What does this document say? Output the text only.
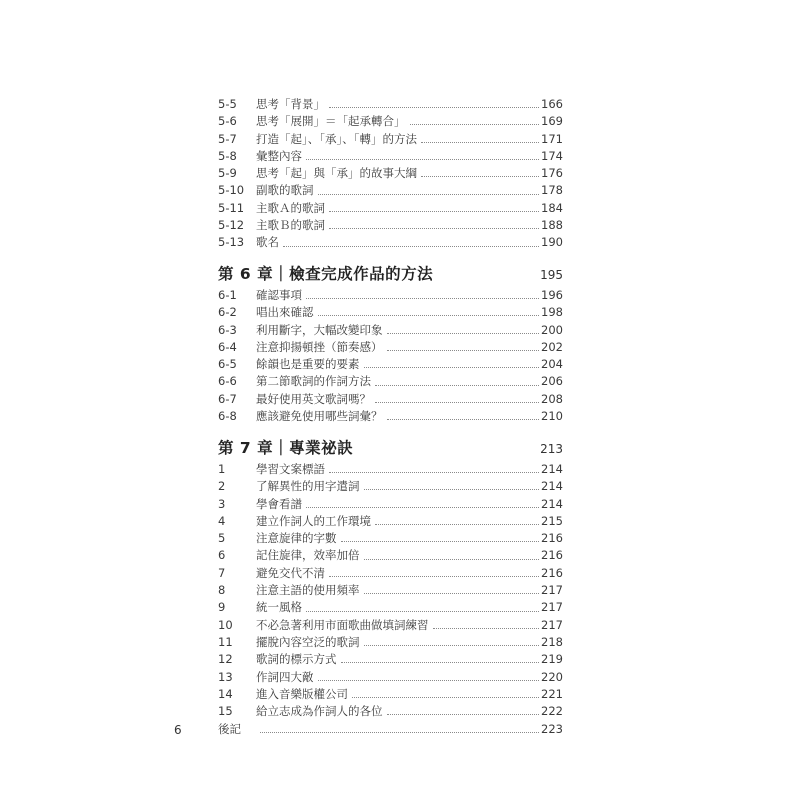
5-5	思考「背景」	166
5-6	思考「展開」＝「起承轉合」	169
5-7	打造「起」、「承」、「轉」的方法	171
5-8	彙整內容	174
5-9	思考「起」與「承」的故事大綱	176
5-10	副歌的歌詞	178
5-11	主歌Ａ的歌詞	184
5-12	主歌Ｂ的歌詞	188
5-13	歌名	190
第 6 章｜檢查完成作品的方法	195
6-1	確認事項	196
6-2	唱出來確認	198
6-3	利用斷字，大幅改變印象	200
6-4	注意抑揚頓挫（節奏感）	202
6-5	餘韻也是重要的要素	204
6-6	第二節歌詞的作詞方法	206
6-7	最好使用英文歌詞嗎？	208
6-8	應該避免使用哪些詞彙？	210
第 7 章｜專業祕訣	213
1	學習文案標語	214
2	了解異性的用字遣詞	214
3	學會看譜	214
4	建立作詞人的工作環境	215
5	注意旋律的字數	216
6	記住旋律，效率加倍	216
7	避免交代不清	216
8	注意主語的使用頻率	217
9	統一風格	217
10	不必急著利用市面歌曲做填詞練習	217
11	擺脫內容空泛的歌詞	218
12	歌詞的標示方式	219
13	作詞四大敵	220
14	進入音樂版權公司	221
15	給立志成為作詞人的各位	222
後記	223
6
